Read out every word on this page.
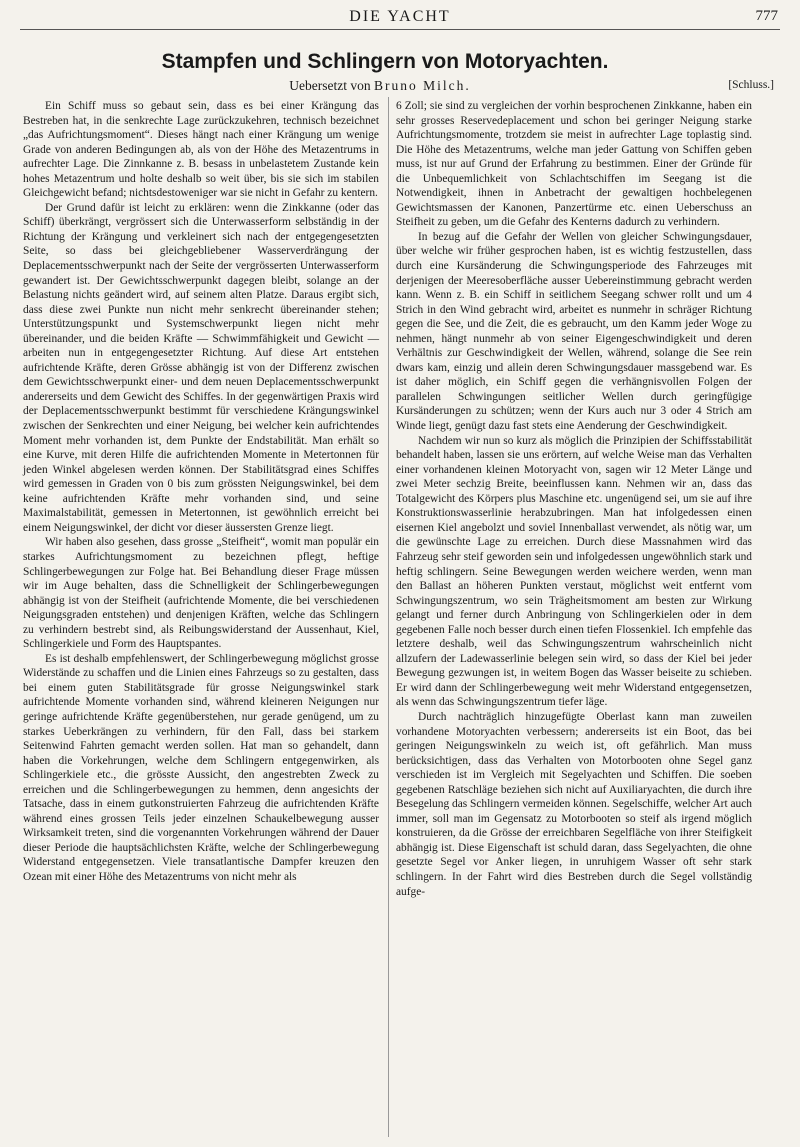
DIE YACHT	777
Stampfen und Schlingern von Motoryachten.
Uebersetzt von Bruno Milch.	[Schluss.]

Ein Schiff muss so gebaut sein, dass es bei einer Krängung das Bestreben hat, in die senkrechte Lage zurückzukehren, technisch bezeichnet „das Aufrichtungsmoment“. Dieses hängt nach einer Krängung um wenige Grade von anderen Bedingungen ab, als von der Höhe des Metazentrums in aufrechter Lage. Die Zinnkanne z. B. besass in unbelastetem Zustande kein hohes Metazentrum und holte deshalb so weit über, bis sie sich im stabilen Gleichgewicht befand; nichtsdestoweniger war sie nicht in Gefahr zu kentern.

Der Grund dafür ist leicht zu erklären: wenn die Zinkkanne (oder das Schiff) überkrängt, vergrössert sich die Unterwasserform selbständig in der Richtung der Krängung und verkleinert sich nach der entgegengesetzten Seite, so dass bei gleichgebliebener Wasserverdrängung der Deplacementsschwerpunkt nach der Seite der vergrösserten Unterwasserform gewandert ist. Der Gewichtsschwerpunkt dagegen bleibt, solange an der Belastung nichts geändert wird, auf seinem alten Platze. Daraus ergibt sich, dass diese zwei Punkte nun nicht mehr senkrecht übereinander stehen; Unterstützungspunkt und Systemschwerpunkt liegen nicht mehr übereinander, und die beiden Kräfte — Schwimmfähigkeit und Gewicht — arbeiten nun in entgegengesetzter Richtung. Auf diese Art entstehen aufrichtende Kräfte, deren Grösse abhängig ist von der Differenz zwischen dem Gewichtsschwerpunkt einer- und dem neuen Deplacementsschwerpunkt andererseits und dem Gewicht des Schiffes. In der gegenwärtigen Praxis wird der Deplacementsschwerpunkt bestimmt für verschiedene Krängungswinkel zwischen der Senkrechten und einer Neigung, bei welcher kein aufrichtendes Moment mehr vorhanden ist, dem Punkte der Endstabilität. Man erhält so eine Kurve, mit deren Hilfe die aufrichtenden Momente in Metertonnen für jeden Winkel abgelesen werden können. Der Stabilitätsgrad eines Schiffes wird gemessen in Graden von 0 bis zum grössten Neigungswinkel, bei dem keine aufrichtenden Kräfte mehr vorhanden sind, und seine Maximalstabilität, gemessen in Metertonnen, ist gewöhnlich erreicht bei einem Neigungswinkel, der dicht vor dieser äussersten Grenze liegt.

Wir haben also gesehen, dass grosse „Steifheit“, womit man populär ein starkes Aufrichtungsmoment zu bezeichnen pflegt, heftige Schlingerbewegungen zur Folge hat. Bei Behandlung dieser Frage müssen wir im Auge behalten, dass die Schnelligkeit der Schlingerbewegungen abhängig ist von der Steifheit (aufrichtende Momente, die bei verschiedenen Neigungsgraden entstehen) und denjenigen Kräften, welche das Schlingern zu verhindern bestrebt sind, als Reibungswiderstand der Aussenhaut, Kiel, Schlingerkiele und Form des Hauptspantes.

Es ist deshalb empfehlenswert, der Schlingerbewegung möglichst grosse Widerstände zu schaffen und die Linien eines Fahrzeugs so zu gestalten, dass bei einem guten Stabilitätsgrade für grosse Neigungswinkel stark aufrichtende Momente vorhanden sind, während kleineren Neigungen nur geringe aufrichtende Kräfte gegenüberstehen, nur gerade genügend, um zu starkes Ueberkrängen zu verhindern, für den Fall, dass bei starkem Seitenwind Fahrten gemacht werden sollen. Hat man so gehandelt, dann haben die Vorkehrungen, welche dem Schlingern entgegenwirken, als Schlingerkiele etc., die grösste Aussicht, den angestrebten Zweck zu erreichen und die Schlingerbewegungen zu hemmen, denn angesichts der Tatsache, dass in einem gutkonstruierten Fahrzeug die aufrichtenden Kräfte während eines grossen Teils jeder einzelnen Schaukelbewegung ausser Wirksamkeit treten, sind die vorgenannten Vorkehrungen während der Dauer dieser Periode die hauptsächlichsten Kräfte, welche der Schlingerbewegung Widerstand entgegensetzen. Viele transatlantische Dampfer kreuzen den Ozean mit einer Höhe des Metazentrums von nicht mehr als

6 Zoll; sie sind zu vergleichen der vorhin besprochenen Zinkkanne, haben ein sehr grosses Reservedeplacement und schon bei geringer Neigung starke Aufrichtungsmomente, trotzdem sie meist in aufrechter Lage toplastig sind. Die Höhe des Metazentrums, welche man jeder Gattung von Schiffen geben muss, ist nur auf Grund der Erfahrung zu bestimmen. Einer der Gründe für die Unbequemlichkeit von Schlachtschiffen im Seegang ist die Notwendigkeit, ihnen in Anbetracht der gewaltigen hochbelegenen Gewichtsmassen der Kanonen, Panzertürme etc. einen Ueberschuss an Steifheit zu geben, um die Gefahr des Kenterns dadurch zu verhindern.

In bezug auf die Gefahr der Wellen von gleicher Schwingungsdauer, über welche wir früher gesprochen haben, ist es wichtig festzustellen, dass durch eine Kursänderung die Schwingungsperiode des Fahrzeuges mit derjenigen der Meeresoberfläche ausser Uebereinstimmung gebracht werden kann. Wenn z. B. ein Schiff in seitlichem Seegang schwer rollt und um 4 Strich in den Wind gebracht wird, arbeitet es nunmehr in schräger Richtung gegen die See, und die Zeit, die es gebraucht, um den Kamm jeder Woge zu nehmen, hängt nunmehr ab von seiner Eigengeschwindigkeit und deren Verhältnis zur Geschwindigkeit der Wellen, während, solange die See rein dwars kam, einzig und allein deren Schwingungsdauer massgebend war. Es ist daher möglich, ein Schiff gegen die verhängnisvollen Folgen der parallelen Schwingungen seitlicher Wellen durch geringfügige Kursänderungen zu schützen; wenn der Kurs auch nur 3 oder 4 Strich am Winde liegt, genügt dazu fast stets eine Aenderung der Geschwindigkeit.

Nachdem wir nun so kurz als möglich die Prinzipien der Schiffsstabilität behandelt haben, lassen sie uns erörtern, auf welche Weise man das Verhalten einer vorhandenen kleinen Motoryacht von, sagen wir 12 Meter Länge und zwei Meter sechzig Breite, beeinflussen kann. Nehmen wir an, dass das Totalgewicht des Körpers plus Maschine etc. ungenügend sei, um sie auf ihre Konstruktionswasserlinie herabzubringen. Man hat infolgedessen einen eisernen Kiel angebolzt und soviel Innenballast verwendet, als nötig war, um die gewünschte Lage zu erreichen. Durch diese Massnahmen wird das Fahrzeug sehr steif geworden sein und infolgedessen ungewöhnlich stark und heftig schlingern. Seine Bewegungen werden weichere werden, wenn man den Ballast an höheren Punkten verstaut, möglichst weit entfernt vom Schwingungszentrum, wo sein Trägheitsmoment am besten zur Wirkung gelangt und ferner durch Anbringung von Schlingerkielen oder in dem gegebenen Falle noch besser durch einen tiefen Flossenkiel. Ich empfehle das letztere deshalb, weil das Schwingungszentrum wahrscheinlich nicht allzufern der Ladewasserlinie belegen sein wird, so dass der Kiel bei jeder Bewegung gezwungen ist, in weitem Bogen das Wasser beiseite zu schieben. Er wird dann der Schlingerbewegung weit mehr Widerstand entgegensetzen, als wenn das Schwingungszentrum tiefer läge.

Durch nachträglich hinzugefügte Oberlast kann man zuweilen vorhandene Motoryachten verbessern; andererseits ist ein Boot, das bei geringen Neigungswinkeln zu weich ist, oft gefährlich. Man muss berücksichtigen, dass das Verhalten von Motorbooten ohne Segel ganz verschieden ist im Vergleich mit Segelyachten und Schiffen. Die soeben gegebenen Ratschläge beziehen sich nicht auf Auxiliaryachten, die durch ihre Besegelung das Schlingern vermeiden können. Segelschiffe, welcher Art auch immer, soll man im Gegensatz zu Motorbooten so steif als irgend möglich konstruieren, da die Grösse der erreichbaren Segelfläche von ihrer Steifigkeit abhängig ist. Diese Eigenschaft ist schuld daran, dass Segelyachten, die ohne gesetzte Segel vor Anker liegen, in unruhigem Wasser oft sehr stark schlingern. In der Fahrt wird dies Bestreben durch die Segel vollständig aufge-
